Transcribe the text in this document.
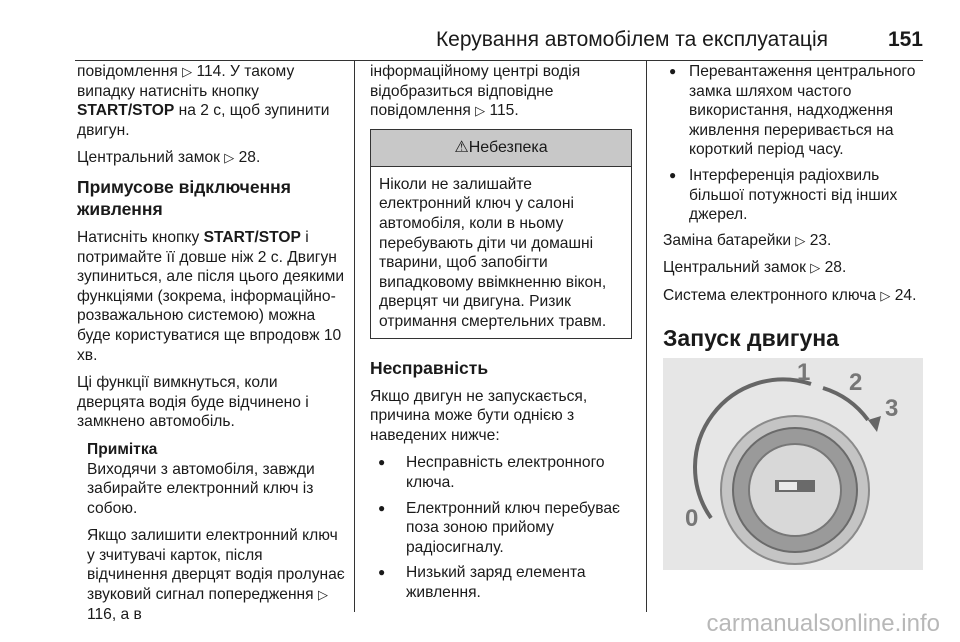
Керування автомобілем та експлуатація	151

повідомлення ▷ 114. У такому випадку натисніть кнопку START/STOP на 2 с, щоб зупинити двигун.

Центральний замок ▷ 28.

Примусове відключення живлення

Натисніть кнопку START/STOP і потримайте її довше ніж 2 с. Двигун зупиниться, але після цього деякими функціями (зокрема, інформаційно-розважальною системою) можна буде користуватися ще впродовж 10 хв.

Ці функції вимкнуться, коли дверцята водія буде відчинено і замкнено автомобіль.

Примітка

Виходячи з автомобіля, завжди забирайте електронний ключ із собою.

Якщо залишити електронний ключ у зчитувачі карток, після відчинення дверцят водія пролунає звуковий сигнал попередження ▷ 116, а в

інформаційному центрі водія відобразиться відповідне повідомлення ▷ 115.

⚠Небезпека
Ніколи не залишайте електронний ключ у салоні автомобіля, коли в ньому перебувають діти чи домашні тварини, щоб запобігти випадковому ввімкненню вікон, дверцят чи двигуна. Ризик отримання смертельних травм.
Несправність

Якщо двигун не запускається, причина може бути однією з наведених нижче:

● Несправність електронного ключа.
● Електронний ключ перебуває поза зоною прийому радіосигналу.
● Низький заряд елемента живлення.
● Перевантаження центрального замка шляхом частого використання, надходження живлення переривається на короткий період часу.
● Інтерференція радіохвиль більшої потужності від інших джерел.

Заміна батарейки ▷ 23.

Центральний замок ▷ 28.

Система електронного ключа ▷ 24.

Запуск двигуна
0
1 2
3
carmanualsonline.info
